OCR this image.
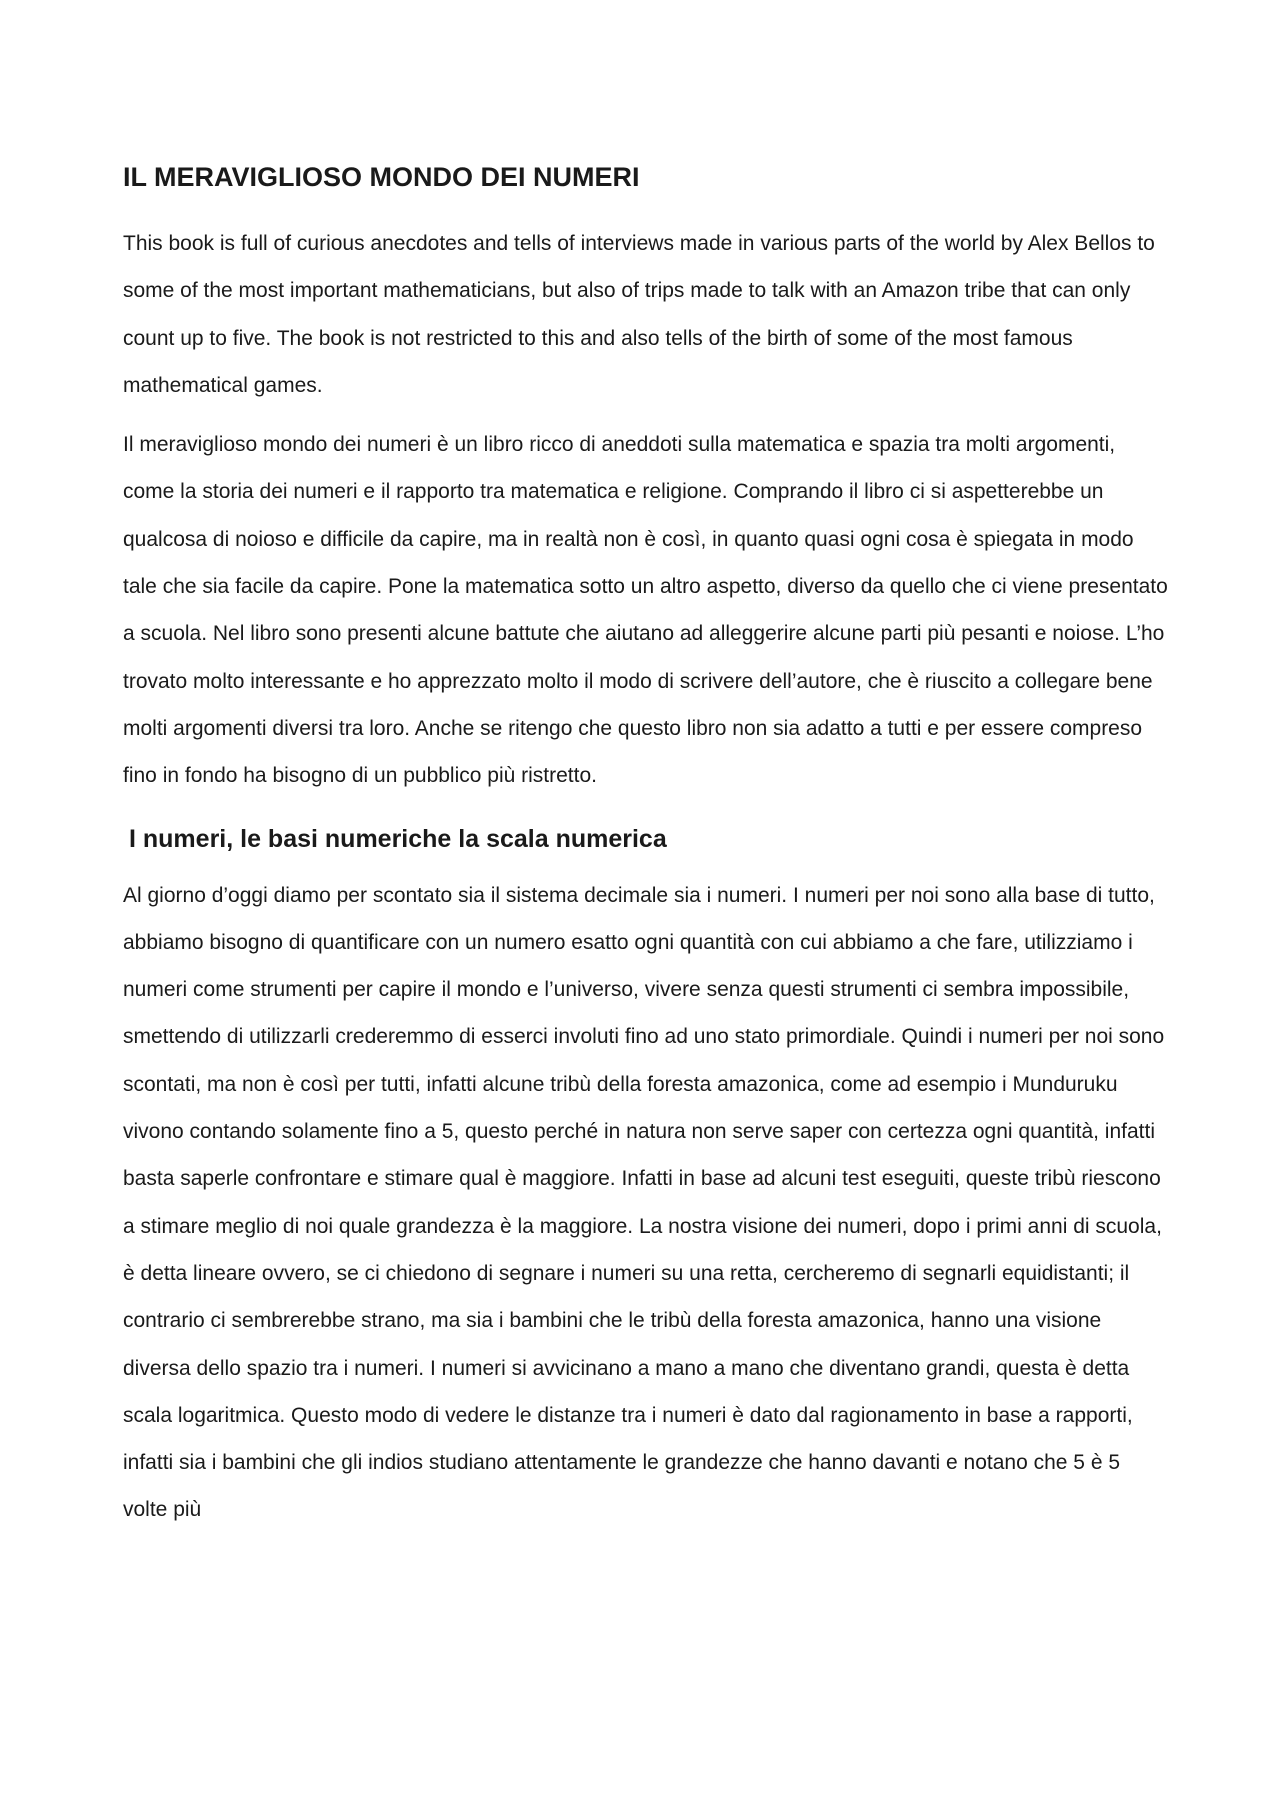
IL MERAVIGLIOSO MONDO DEI NUMERI

This book is full of curious anecdotes and tells of interviews made in various parts of the world by Alex Bellos to some of the most important mathematicians, but also of trips made to talk with an Amazon tribe that can only count up to five. The book is not restricted to this and also tells of the birth of some of the most famous mathematical games.

Il meraviglioso mondo dei numeri è un libro ricco di aneddoti sulla matematica e spazia tra molti argomenti, come la storia dei numeri e il rapporto tra matematica e religione. Comprando il libro ci si aspetterebbe un qualcosa di noioso e difficile da capire, ma in realtà non è così, in quanto quasi ogni cosa è spiegata in modo tale che sia facile da capire. Pone la matematica sotto un altro aspetto, diverso da quello che ci viene presentato a scuola. Nel libro sono presenti alcune battute che aiutano ad alleggerire alcune parti più pesanti e noiose. L’ho trovato molto interessante e ho apprezzato molto il modo di scrivere dell’autore, che è riuscito a collegare bene molti argomenti diversi tra loro. Anche se ritengo che questo libro non sia adatto a tutti e per essere compreso fino in fondo ha bisogno di un pubblico più ristretto.

I numeri, le basi numeriche la scala numerica

Al giorno d’oggi diamo per scontato sia il sistema decimale sia i numeri. I numeri per noi sono alla base di tutto, abbiamo bisogno di quantificare con un numero esatto ogni quantità con cui abbiamo a che fare, utilizziamo i numeri come strumenti per capire il mondo e l’universo, vivere senza questi strumenti ci sembra impossibile, smettendo di utilizzarli crederemmo di esserci involuti fino ad uno stato primordiale. Quindi i numeri per noi sono scontati, ma non è così per tutti, infatti alcune tribù della foresta amazonica, come ad esempio i Munduruku vivono contando solamente fino a 5, questo perché in natura non serve saper con certezza ogni quantità, infatti basta saperle confrontare e stimare qual è maggiore. Infatti in base ad alcuni test eseguiti, queste tribù riescono a stimare meglio di noi quale grandezza è la maggiore. La nostra visione dei numeri, dopo i primi anni di scuola, è detta lineare ovvero, se ci chiedono di segnare i numeri su una retta, cercheremo di segnarli equidistanti; il contrario ci sembrerebbe strano, ma sia i bambini che le tribù della foresta amazonica, hanno una visione diversa dello spazio tra i numeri. I numeri si avvicinano a mano a mano che diventano grandi, questa è detta scala logaritmica. Questo modo di vedere le distanze tra i numeri è dato dal ragionamento in base a rapporti, infatti sia i bambini che gli indios studiano attentamente le grandezze che hanno davanti e notano che 5 è 5 volte più
